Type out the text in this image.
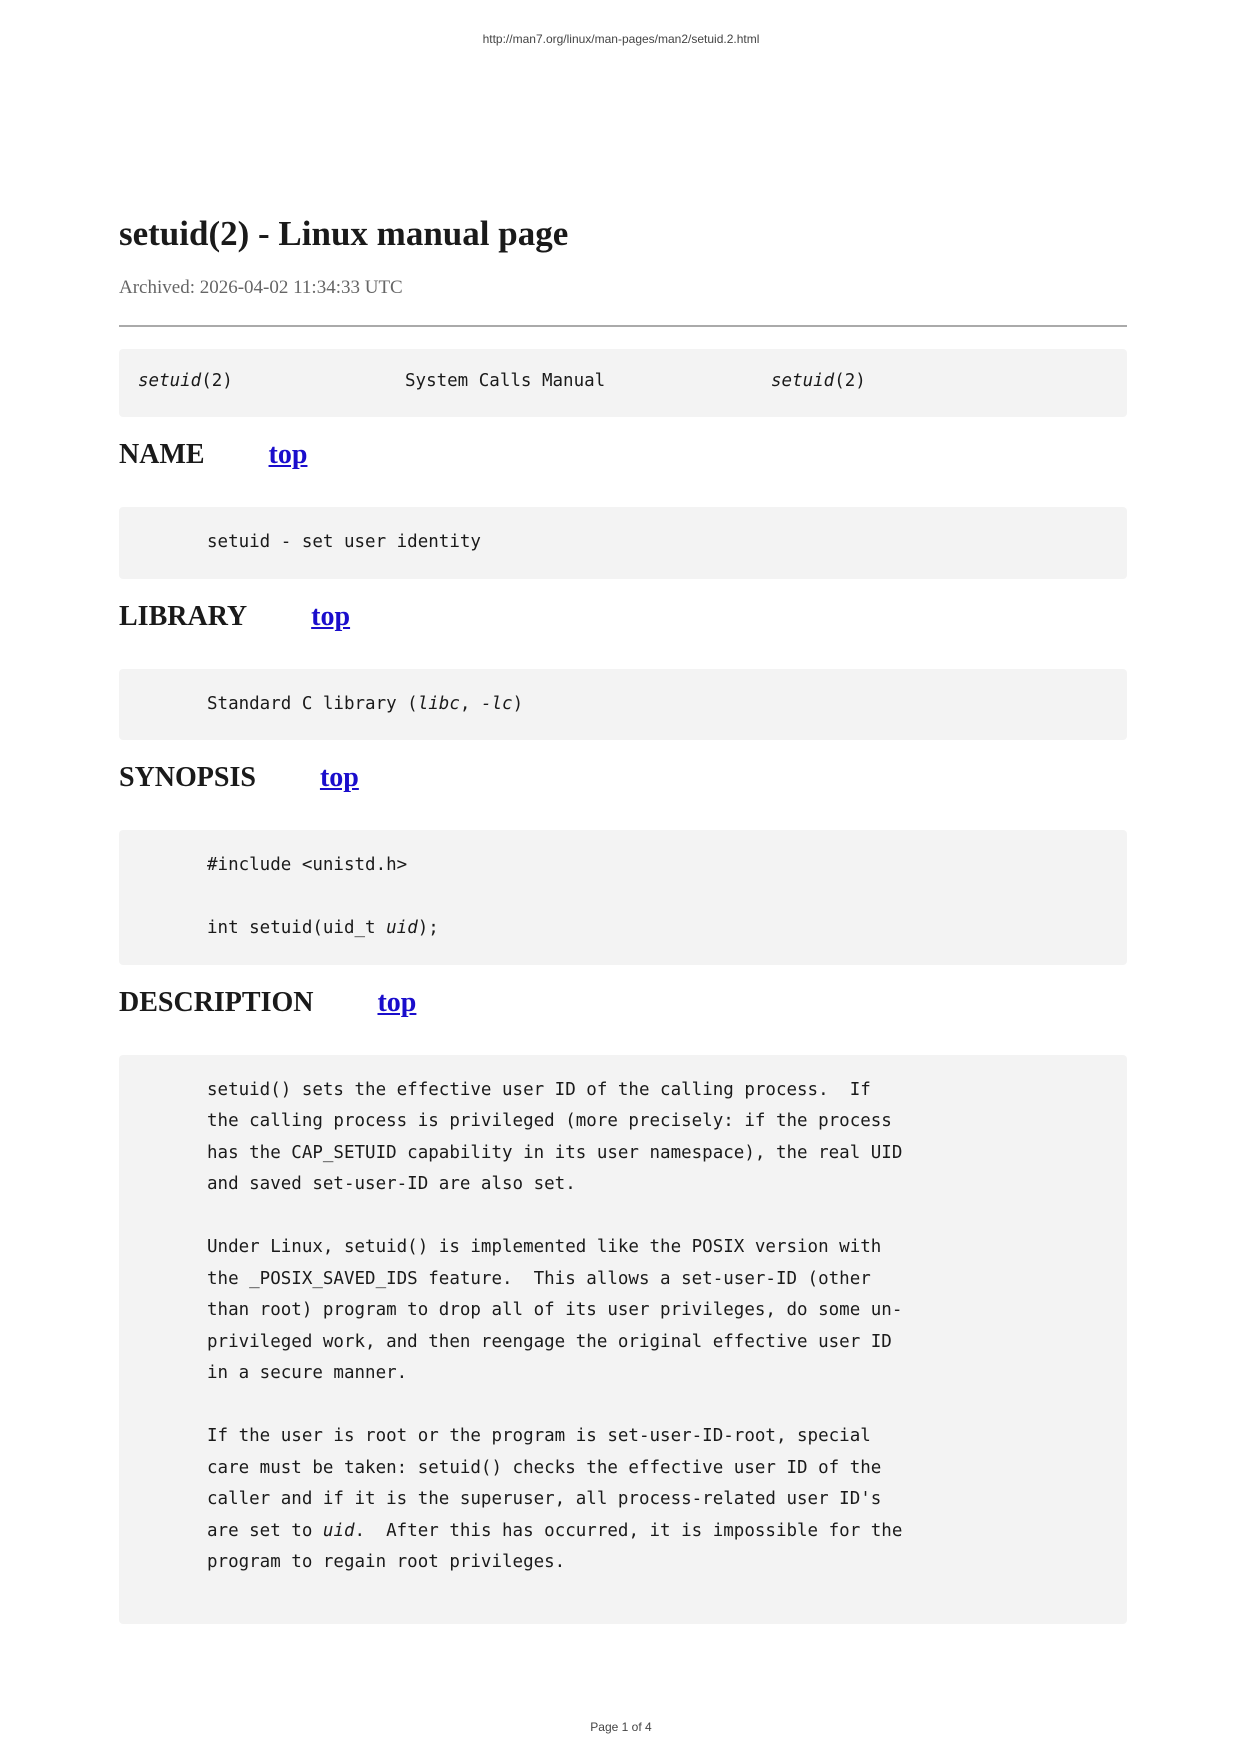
http://man7.org/linux/man-pages/man2/setuid.2.html
setuid(2) - Linux manual page
Archived: 2026-04-02 11:34:33 UTC
setuid(2)	System Calls Manual	setuid(2)
NAME top
setuid - set user identity
LIBRARY top
Standard C library (libc, -lc)
SYNOPSIS top
#include <unistd.h>
int setuid(uid_t uid);
DESCRIPTION top
setuid() sets the effective user ID of the calling process.  If
the calling process is privileged (more precisely: if the process
has the CAP_SETUID capability in its user namespace), the real UID
and saved set-user-ID are also set.
Under Linux, setuid() is implemented like the POSIX version with
the _POSIX_SAVED_IDS feature.  This allows a set-user-ID (other
than root) program to drop all of its user privileges, do some un-
privileged work, and then reengage the original effective user ID
in a secure manner.
If the user is root or the program is set-user-ID-root, special
care must be taken: setuid() checks the effective user ID of the
caller and if it is the superuser, all process-related user ID's
are set to uid.  After this has occurred, it is impossible for the
program to regain root privileges.
Page 1 of 4
